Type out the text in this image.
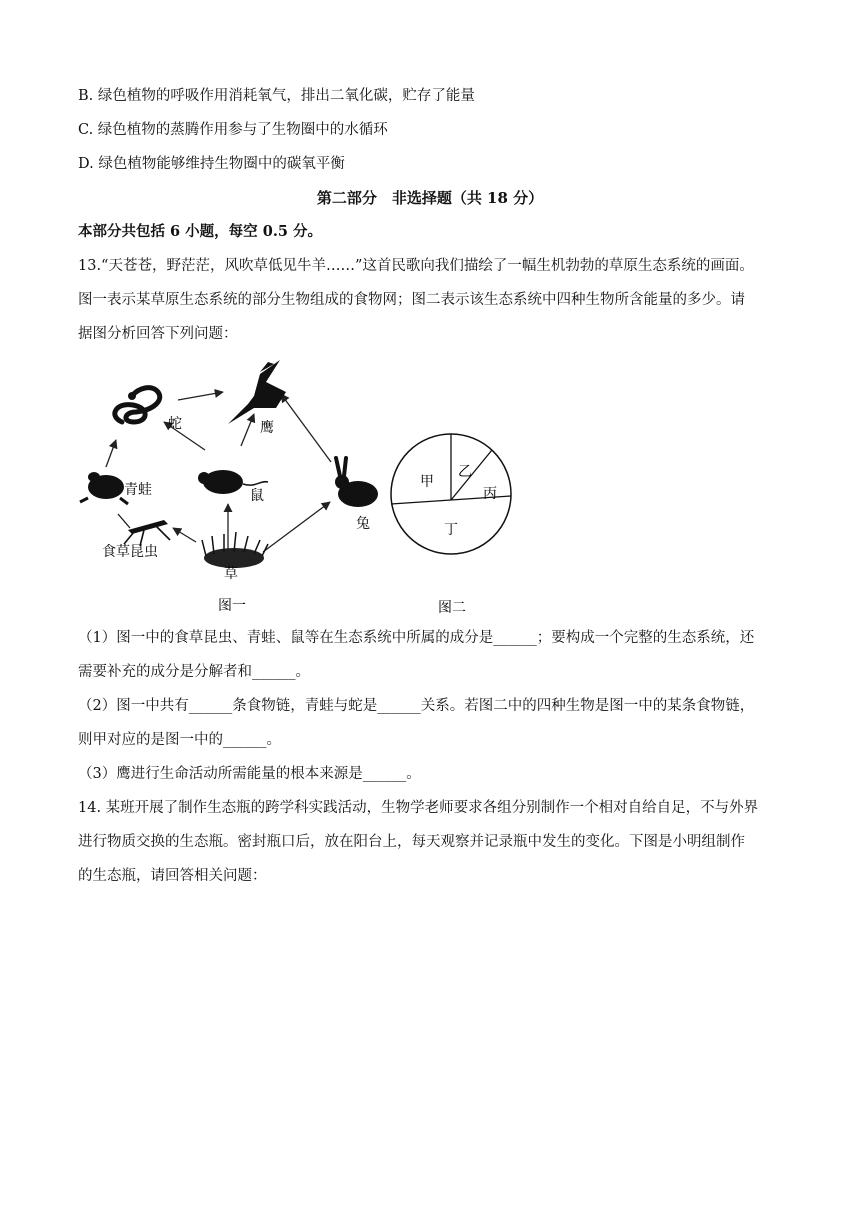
B. 绿色植物的呼吸作用消耗氧气，排出二氧化碳，贮存了能量
C. 绿色植物的蒸腾作用参与了生物圈中的水循环
D. 绿色植物能够维持生物圈中的碳氧平衡
第二部分　非选择题（共 18 分）
本部分共包括 6 小题，每空 0.5 分。
13.“天苍苍，野茫茫，风吹草低见牛羊……”这首民歌向我们描绘了一幅生机勃勃的草原生态系统的画面。
图一表示某草原生态系统的部分生物组成的食物网；图二表示该生态系统中四种生物所含能量的多少。请
据图分析回答下列问题：
蛇	鹰
青蛙	鼠
兔
食草昆虫
草
图一
甲
乙
丙
丁
图二
（1）图一中的食草昆虫、青蛙、鼠等在生态系统中所属的成分是______；要构成一个完整的生态系统，还
需要补充的成分是分解者和______。
（2）图一中共有______条食物链，青蛙与蛇是______关系。若图二中的四种生物是图一中的某条食物链，
则甲对应的是图一中的______。
（3）鹰进行生命活动所需能量的根本来源是______。
14. 某班开展了制作生态瓶的跨学科实践活动，生物学老师要求各组分别制作一个相对自给自足，不与外界
进行物质交换的生态瓶。密封瓶口后，放在阳台上，每天观察并记录瓶中发生的变化。下图是小明组制作
的生态瓶，请回答相关问题：
